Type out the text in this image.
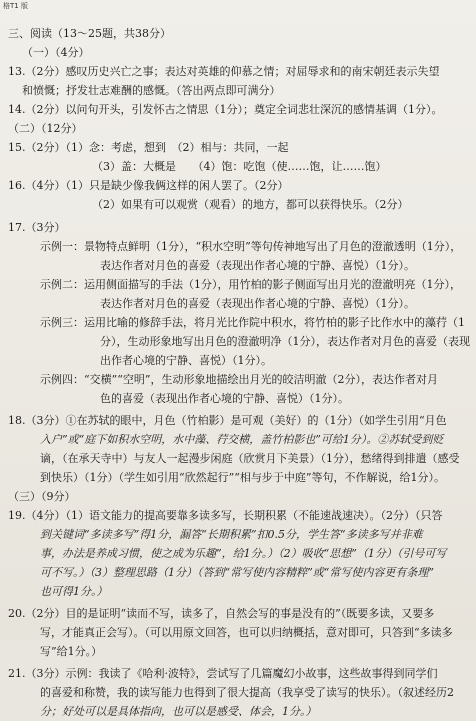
格T1 版
三、阅读（13～25题，共38分）
（一）（4分）
13.（2分）感叹历史兴亡之事；表达对英雄的仰慕之情；对屈辱求和的南宋朝廷表示失望
和愤慨；抒发壮志难酬的感慨。（答出两点即可满分）
14.（2分）以问句开头，引发怀古之情思（1分）；奠定全词悲壮深沉的感情基调（1分）。
（二）（12分）
15.（2分）（1）念：考虑，想到　（2）相与：共同，一起
（3）盖：大概是　　（4）饱：吃饱（使……饱，让……饱）
16.（4分）（1）只是缺少像我俩这样的闲人罢了。（2分）
（2）如果有可以观赏（观看）的地方，都可以获得快乐。（2分）
17.（3分）
示例一：景物特点鲜明（1分），“积水空明”等句传神地写出了月色的澄澈透明（1分），
表达作者对月色的喜爱（表现出作者心境的宁静、喜悦）（1分）。
示例二：运用侧面描写的手法（1分），用竹柏的影子侧面写出月光的澄澈明亮（1分），
表达作者对月色的喜爱（表现出作者心境的宁静、喜悦）（1分）。
示例三：运用比喻的修辞手法，将月光比作院中积水，将竹柏的影子比作水中的藻荇（1
分），生动形象地写出月色的澄澈明净（1分），表达作者对月色的喜爱（表现
出作者心境的宁静、喜悦）（1分）。
示例四：“交横”“空明”，生动形象地描绘出月光的皎洁明澈（2分），表达作者对月
色的喜爱（表现出作者心境的宁静、喜悦）（1分）。
18.（3分）①在苏轼的眼中，月色（竹柏影）是可观（美好）的（1分）（如学生引用“月色
入户”或“庭下如积水空明，水中藻、荇交横，盖竹柏影也”可给1分）。②苏轼受到贬
谪，（在承天寺中）与友人一起漫步闲庭（欣赏月下美景）（1分），愁绪得到排遣（感受
到快乐）（1分）（学生如引用“欣然起行”“相与步于中庭”等句，不作解说，给1分）。
（三）（9分）
19.（4分）（1）语文能力的提高要靠多读多写，长期积累（不能速战速决）。（2分）（只答
到关键词“多读多写”得1分，漏答“长期积累”扣0.5分，学生答“多读多写并非难
事，办法是养成习惯，使之成为乐趣”，给1分。）（2）吸收“思想”（1分）（引号可写
可不写。）（3）整理思路（1分）（答到“常写使内容精粹”或“常写使内容更有条理”
也可得1分。）
20.（2分）目的是证明“读而不写，读多了，自然会写的事是没有的”（既要多读，又要多
写，才能真正会写）。（可以用原文回答，也可以归纳概括，意对即可，只答到“多读多
写”给1分。）
21.（3分）示例：我读了《哈利·波特》，尝试写了几篇魔幻小故事，这些故事得到同学们
的喜爱和称赞，我的读写能力也得到了很大提高（我享受了读写的快乐）。（叙述经历2
分；好处可以是具体指向，也可以是感受、体会，1分。）
